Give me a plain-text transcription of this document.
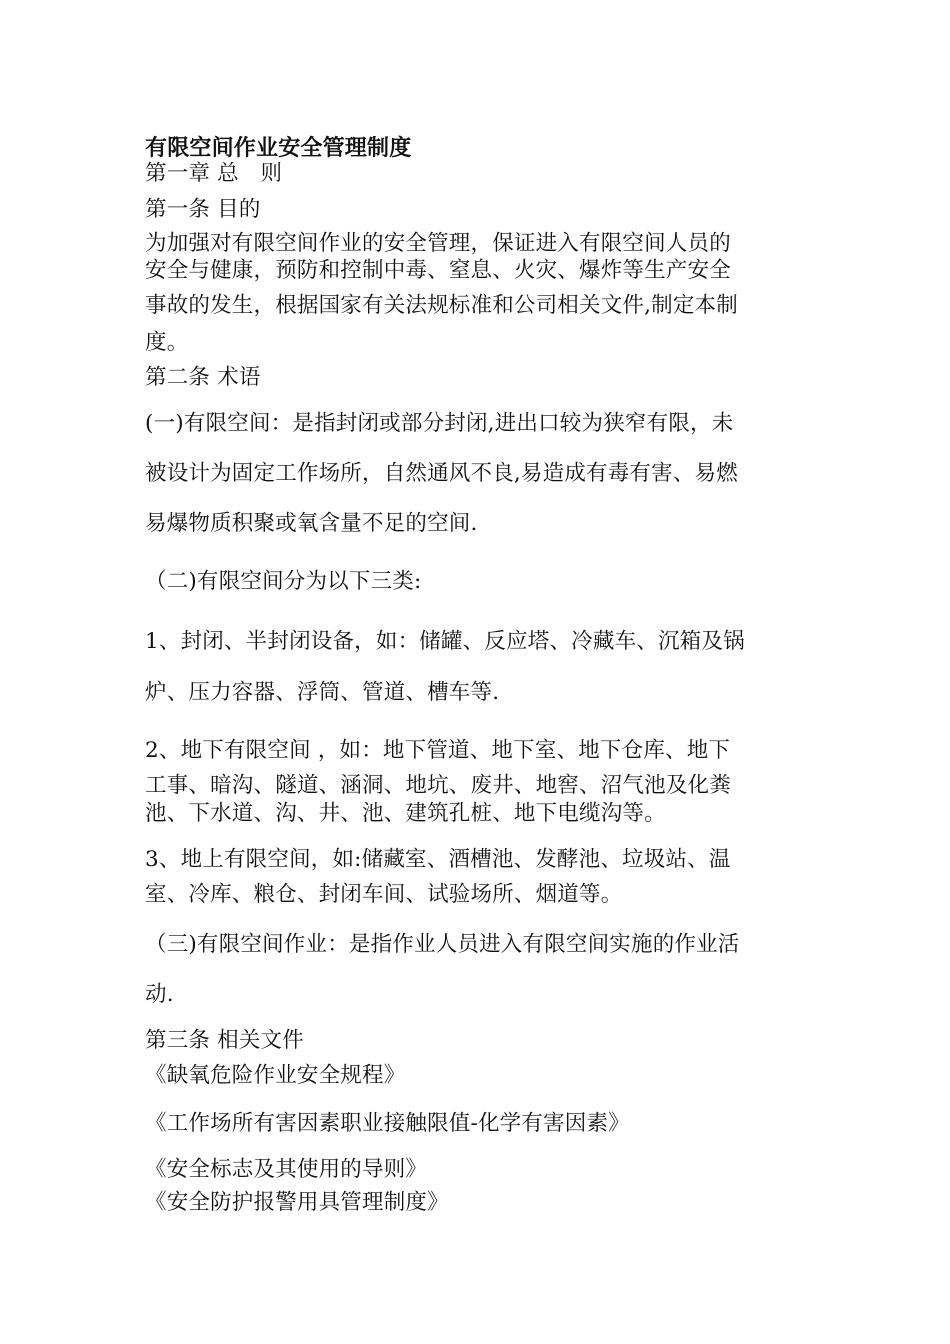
有限空间作业安全管理制度
第一章 总　则
第一条 目的
为加强对有限空间作业的安全管理，保证进入有限空间人员的
安全与健康，预防和控制中毒、窒息、火灾、爆炸等生产安全
事故的发生，根据国家有关法规标准和公司相关文件,制定本制
度。
第二条 术语
(一)有限空间：是指封闭或部分封闭,进出口较为狭窄有限，未
被设计为固定工作场所，自然通风不良,易造成有毒有害、易燃
易爆物质积聚或氧含量不足的空间.
（二)有限空间分为以下三类:
1、封闭、半封闭设备，如：储罐、反应塔、冷藏车、沉箱及锅
炉、压力容器、浮筒、管道、槽车等.
2、地下有限空间 ，如：地下管道、地下室、地下仓库、地下
工事、暗沟、隧道、涵洞、地坑、废井、地窖、沼气池及化粪
池、下水道、沟、井、池、建筑孔桩、地下电缆沟等。
3、地上有限空间，如:储藏室、酒槽池、发酵池、垃圾站、温
室、冷库、粮仓、封闭车间、试验场所、烟道等。
（三)有限空间作业：是指作业人员进入有限空间实施的作业活
动.
第三条 相关文件
《缺氧危险作业安全规程》
《工作场所有害因素职业接触限值-化学有害因素》
《安全标志及其使用的导则》
《安全防护报警用具管理制度》
